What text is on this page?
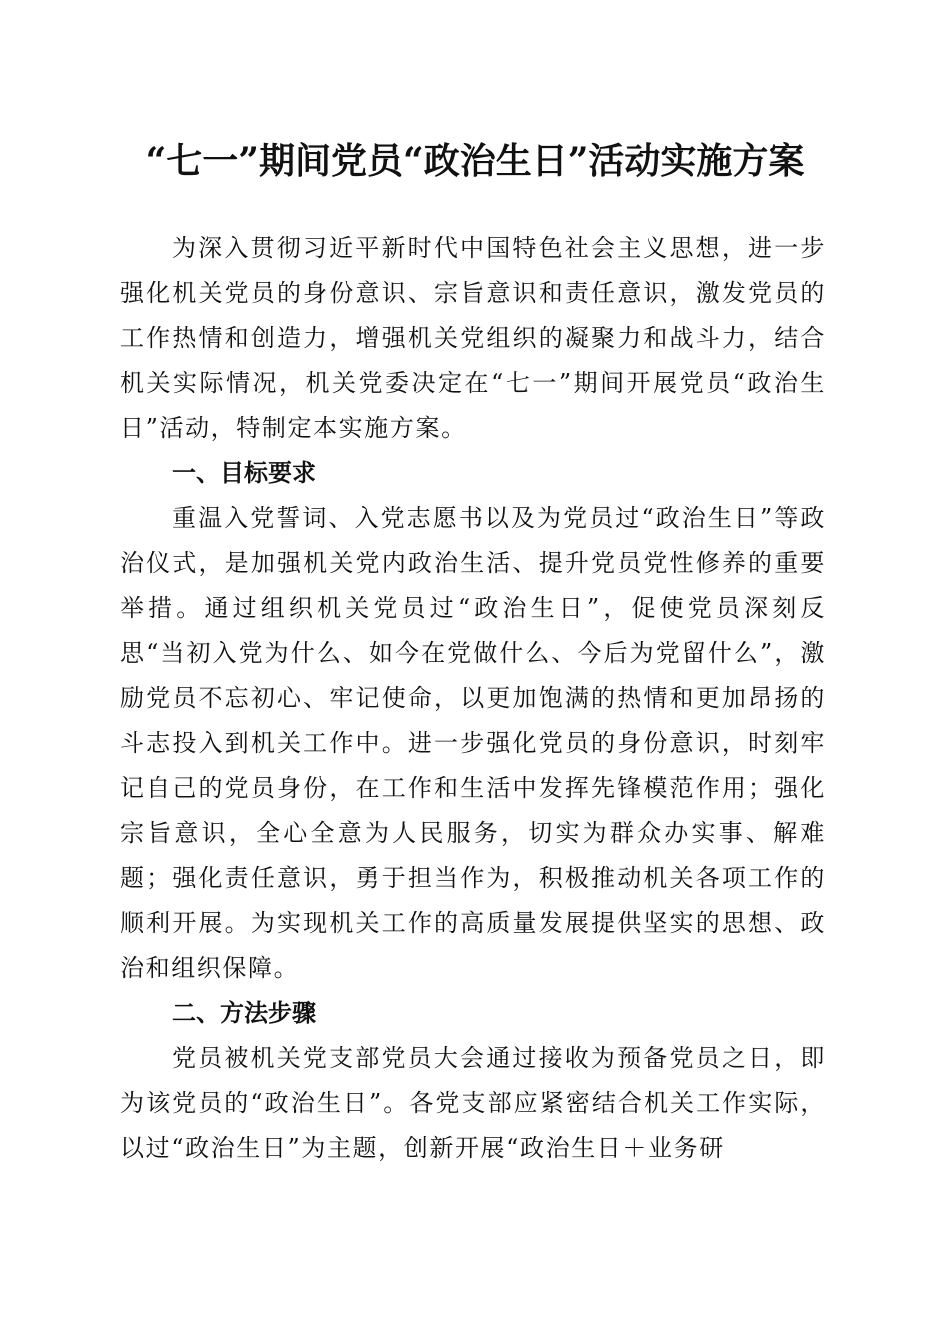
“七一”期间党员“政治生日”活动实施方案

为深入贯彻习近平新时代中国特色社会主义思想，进一步强化机关党员的身份意识、宗旨意识和责任意识，激发党员的工作热情和创造力，增强机关党组织的凝聚力和战斗力，结合机关实际情况，机关党委决定在“七一”期间开展党员“政治生日”活动，特制定本实施方案。

一、目标要求

重温入党誓词、入党志愿书以及为党员过“政治生日”等政治仪式，是加强机关党内政治生活、提升党员党性修养的重要举措。通过组织机关党员过“政治生日”，促使党员深刻反思“当初入党为什么、如今在党做什么、今后为党留什么”，激励党员不忘初心、牢记使命，以更加饱满的热情和更加昂扬的斗志投入到机关工作中。进一步强化党员的身份意识，时刻牢记自己的党员身份，在工作和生活中发挥先锋模范作用；强化宗旨意识，全心全意为人民服务，切实为群众办实事、解难题；强化责任意识，勇于担当作为，积极推动机关各项工作的顺利开展。为实现机关工作的高质量发展提供坚实的思想、政治和组织保障。

二、方法步骤

党员被机关党支部党员大会通过接收为预备党员之日，即为该党员的“政治生日”。各党支部应紧密结合机关工作实际，以过“政治生日”为主题，创新开展“政治生日＋业务研
